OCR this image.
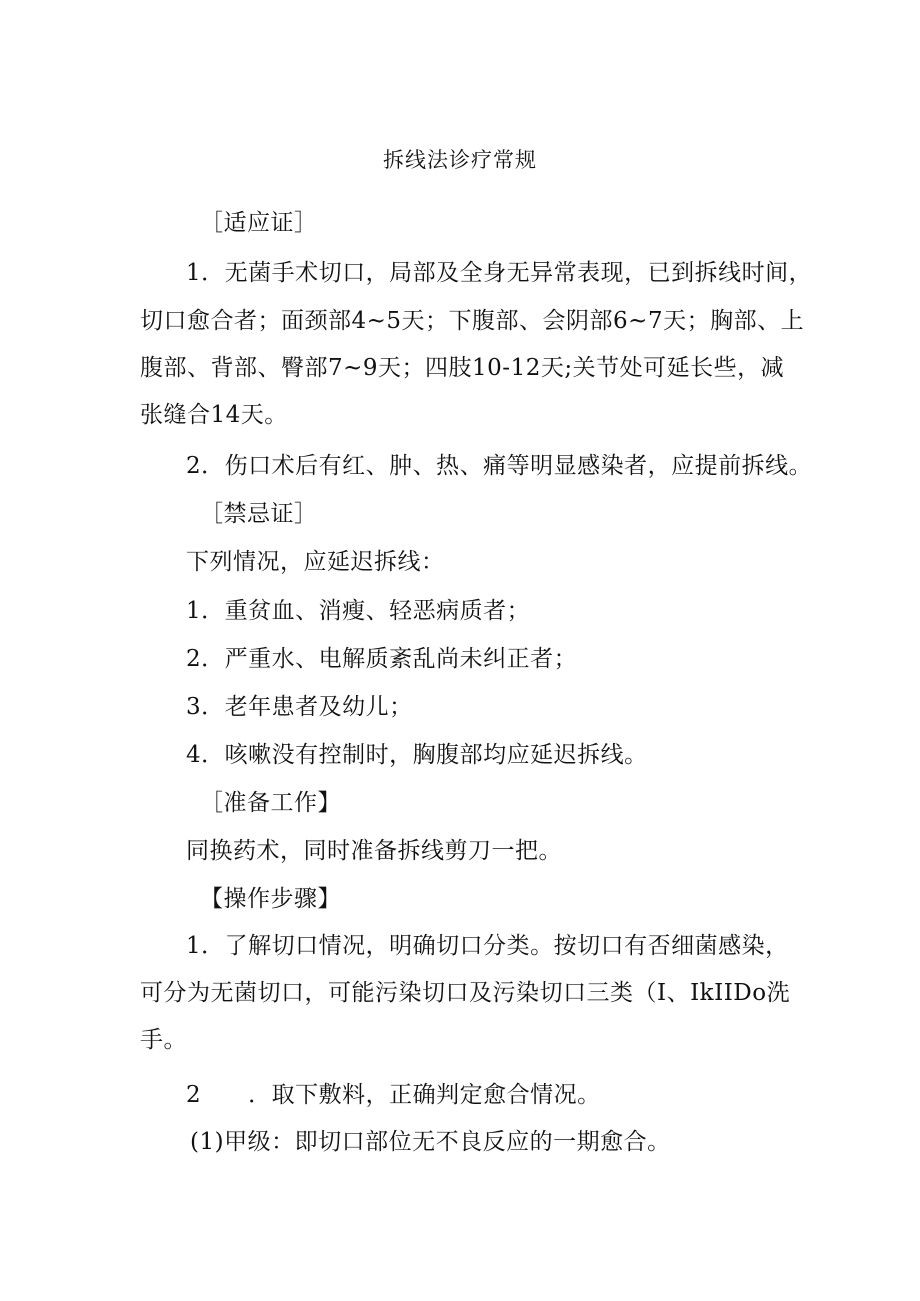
拆线法诊疗常规
［适应证］
1．无菌手术切口，局部及全身无异常表现，已到拆线时间，
切口愈合者；面颈部4~5天；下腹部、会阴部6~7天；胸部、上
腹部、背部、臀部7~9天；四肢10-12天;关节处可延长些，减
张缝合14天。
2．伤口术后有红、肿、热、痛等明显感染者，应提前拆线。
［禁忌证］
下列情况，应延迟拆线：
1．重贫血、消瘦、轻恶病质者；
2．严重水、电解质紊乱尚未纠正者；
3．老年患者及幼儿；
4．咳嗽没有控制时，胸腹部均应延迟拆线。
［准备工作】
同换药术，同时准备拆线剪刀一把。
【操作步骤】
1．了解切口情况，明确切口分类。按切口有否细菌感染，
可分为无菌切口，可能污染切口及污染切口三类（I、IkIIDo洗
手。
2　　．取下敷料，正确判定愈合情况。
(1)甲级：即切口部位无不良反应的一期愈合。
